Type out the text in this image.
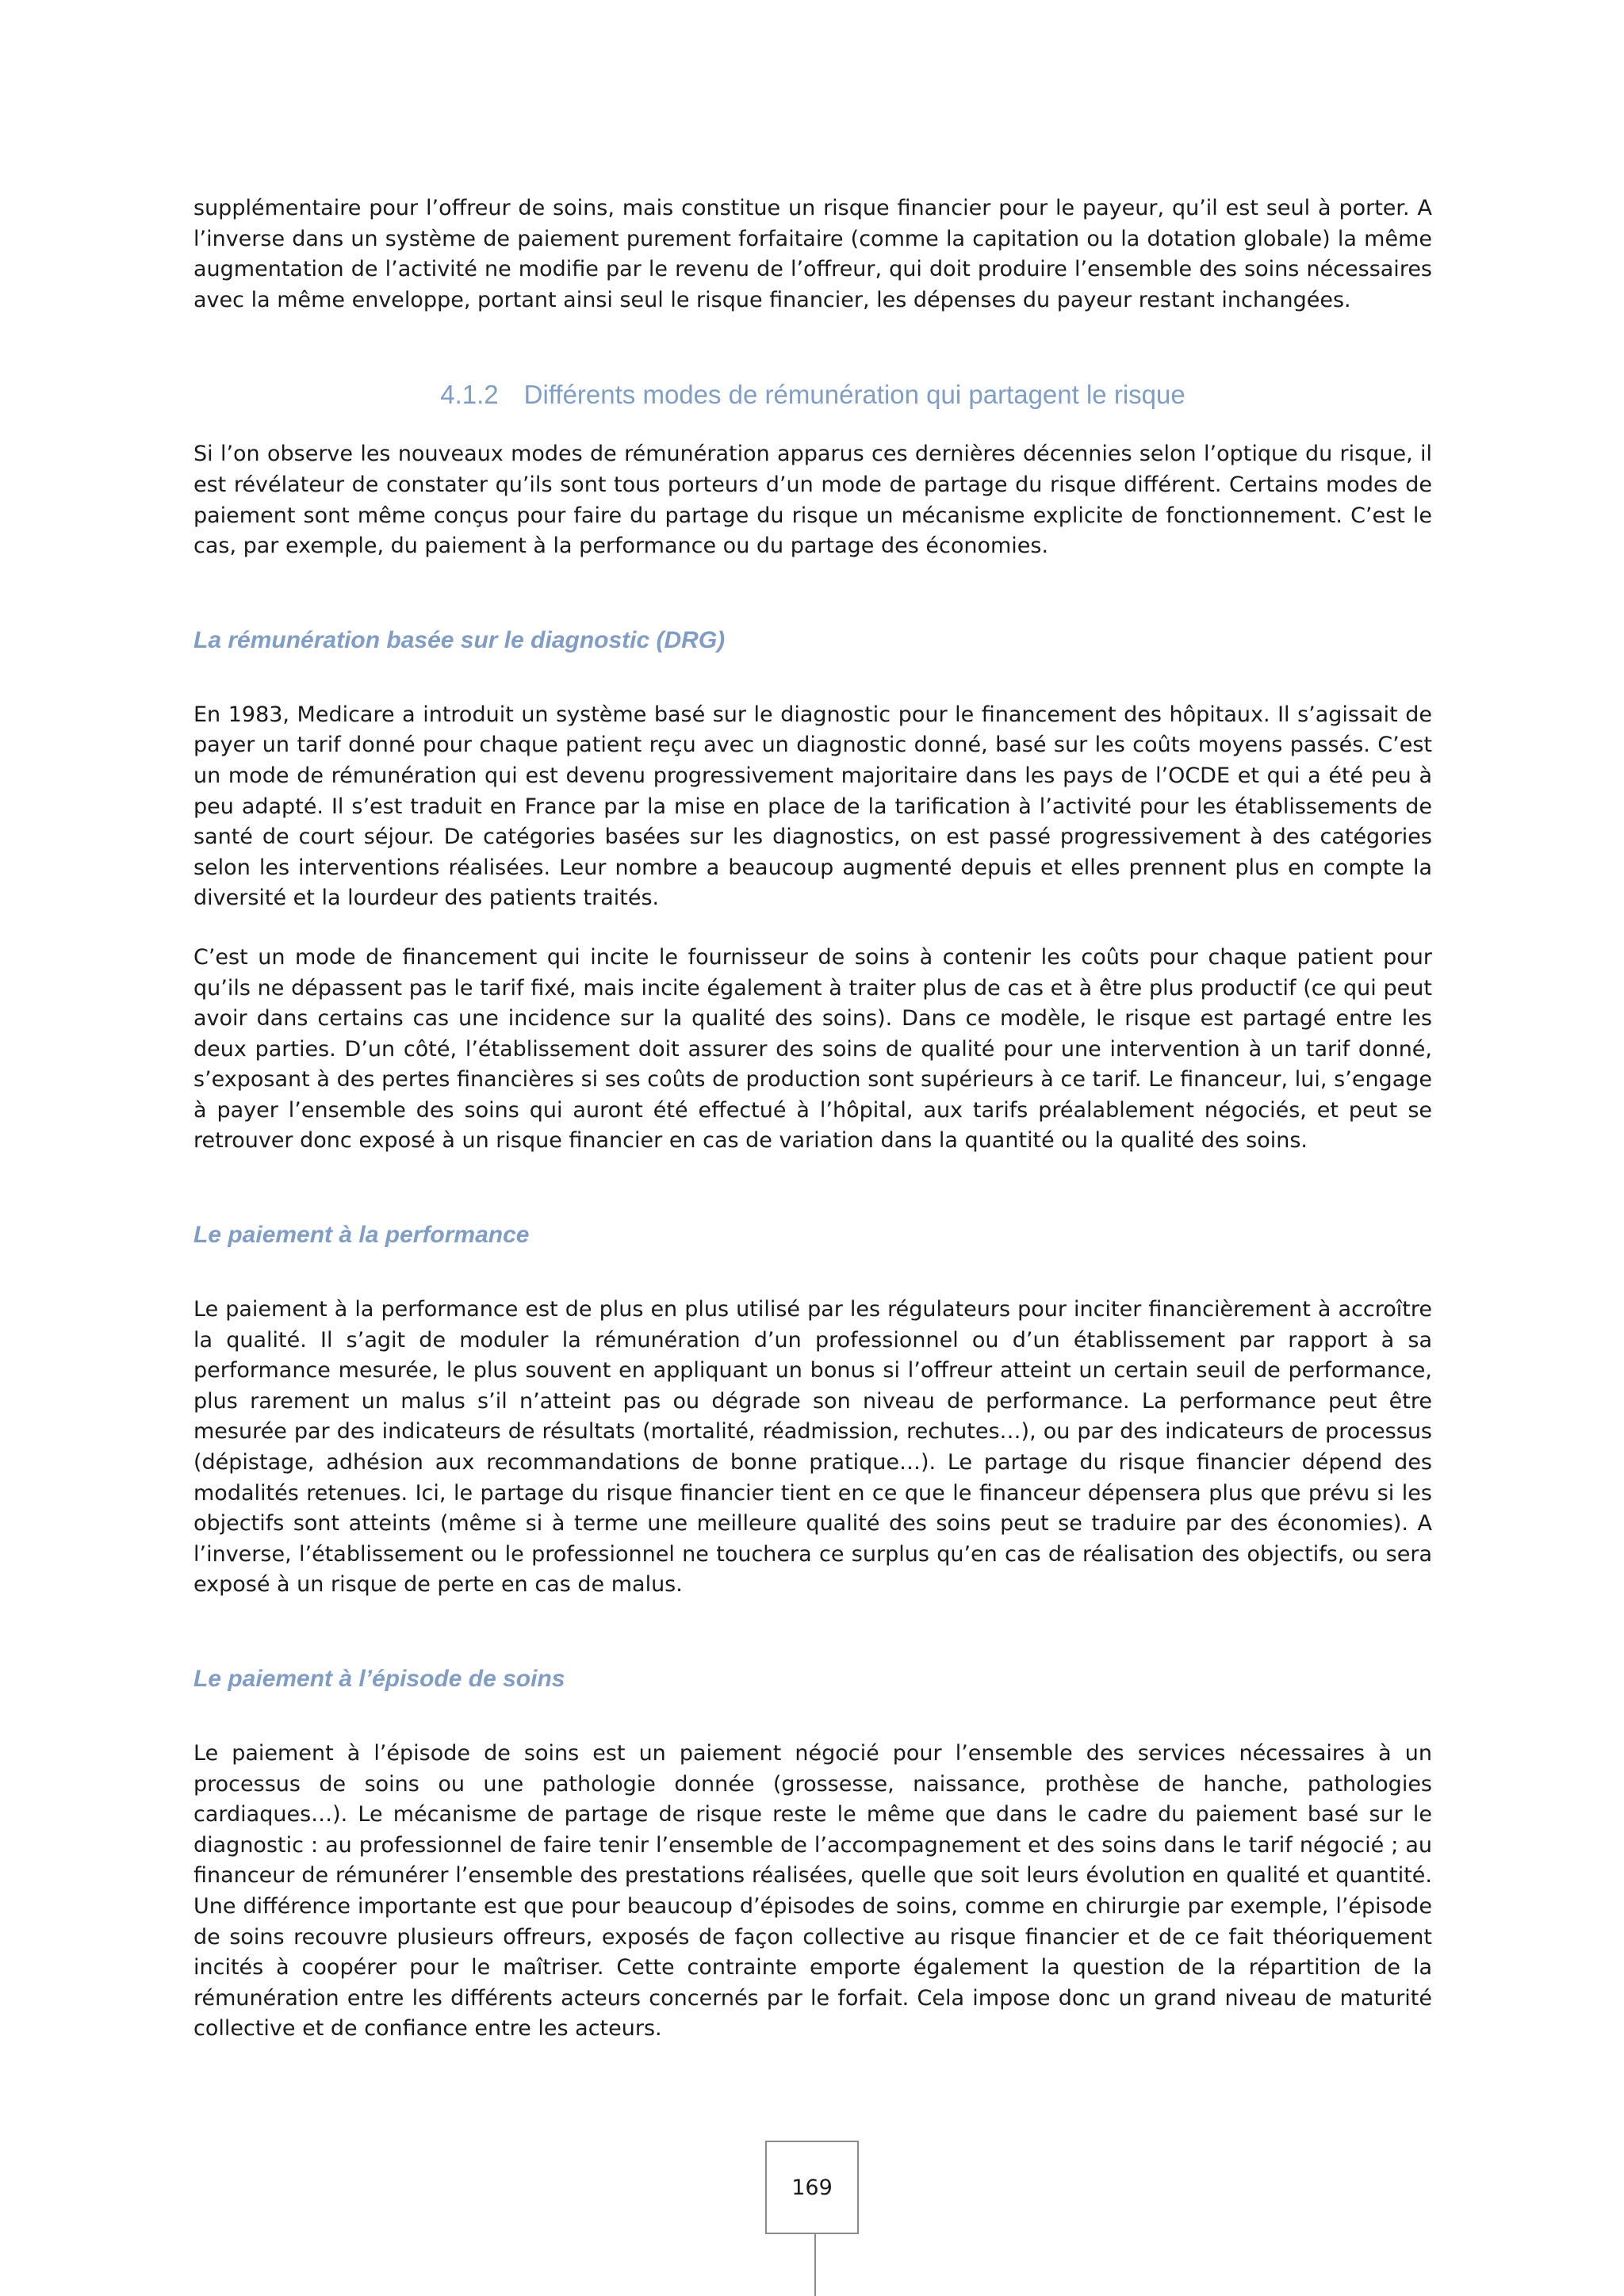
supplémentaire pour l’offreur de soins, mais constitue un risque financier pour le payeur, qu’il est seul à porter. A l’inverse dans un système de paiement purement forfaitaire (comme la capitation ou la dotation globale) la même augmentation de l’activité ne modifie par le revenu de l’offreur, qui doit produire l’ensemble des soins nécessaires avec la même enveloppe, portant ainsi seul le risque financier, les dépenses du payeur restant inchangées.

4.1.2 Différents modes de rémunération qui partagent le risque

Si l’on observe les nouveaux modes de rémunération apparus ces dernières décennies selon l’optique du risque, il est révélateur de constater qu’ils sont tous porteurs d’un mode de partage du risque différent. Certains modes de paiement sont même conçus pour faire du partage du risque un mécanisme explicite de fonctionnement. C’est le cas, par exemple, du paiement à la performance ou du partage des économies.

La rémunération basée sur le diagnostic (DRG)

En 1983, Medicare a introduit un système basé sur le diagnostic pour le financement des hôpitaux. Il s’agissait de payer un tarif donné pour chaque patient reçu avec un diagnostic donné, basé sur les coûts moyens passés. C’est un mode de rémunération qui est devenu progressivement majoritaire dans les pays de l’OCDE et qui a été peu à peu adapté. Il s’est traduit en France par la mise en place de la tarification à l’activité pour les établissements de santé de court séjour. De catégories basées sur les diagnostics, on est passé progressivement à des catégories selon les interventions réalisées. Leur nombre a beaucoup augmenté depuis et elles prennent plus en compte la diversité et la lourdeur des patients traités.

C’est un mode de financement qui incite le fournisseur de soins à contenir les coûts pour chaque patient pour qu’ils ne dépassent pas le tarif fixé, mais incite également à traiter plus de cas et à être plus productif (ce qui peut avoir dans certains cas une incidence sur la qualité des soins). Dans ce modèle, le risque est partagé entre les deux parties. D’un côté, l’établissement doit assurer des soins de qualité pour une intervention à un tarif donné, s’exposant à des pertes financières si ses coûts de production sont supérieurs à ce tarif. Le financeur, lui, s’engage à payer l’ensemble des soins qui auront été effectué à l’hôpital, aux tarifs préalablement négociés, et peut se retrouver donc exposé à un risque financier en cas de variation dans la quantité ou la qualité des soins.

Le paiement à la performance

Le paiement à la performance est de plus en plus utilisé par les régulateurs pour inciter financièrement à accroître la qualité. Il s’agit de moduler la rémunération d’un professionnel ou d’un établissement par rapport à sa performance mesurée, le plus souvent en appliquant un bonus si l’offreur atteint un certain seuil de performance, plus rarement un malus s’il n’atteint pas ou dégrade son niveau de performance. La performance peut être mesurée par des indicateurs de résultats (mortalité, réadmission, rechutes…), ou par des indicateurs de processus (dépistage, adhésion aux recommandations de bonne pratique…). Le partage du risque financier dépend des modalités retenues. Ici, le partage du risque financier tient en ce que le financeur dépensera plus que prévu si les objectifs sont atteints (même si à terme une meilleure qualité des soins peut se traduire par des économies). A l’inverse, l’établissement ou le professionnel ne touchera ce surplus qu’en cas de réalisation des objectifs, ou sera exposé à un risque de perte en cas de malus.

Le paiement à l’épisode de soins

Le paiement à l’épisode de soins est un paiement négocié pour l’ensemble des services nécessaires à un processus de soins ou une pathologie donnée (grossesse, naissance, prothèse de hanche, pathologies cardiaques…). Le mécanisme de partage de risque reste le même que dans le cadre du paiement basé sur le diagnostic : au professionnel de faire tenir l’ensemble de l’accompagnement et des soins dans le tarif négocié ; au financeur de rémunérer l’ensemble des prestations réalisées, quelle que soit leurs évolution en qualité et quantité. Une différence importante est que pour beaucoup d’épisodes de soins, comme en chirurgie par exemple, l’épisode de soins recouvre plusieurs offreurs, exposés de façon collective au risque financier et de ce fait théoriquement incités à coopérer pour le maîtriser. Cette contrainte emporte également la question de la répartition de la rémunération entre les différents acteurs concernés par le forfait. Cela impose donc un grand niveau de maturité collective et de confiance entre les acteurs.

169
